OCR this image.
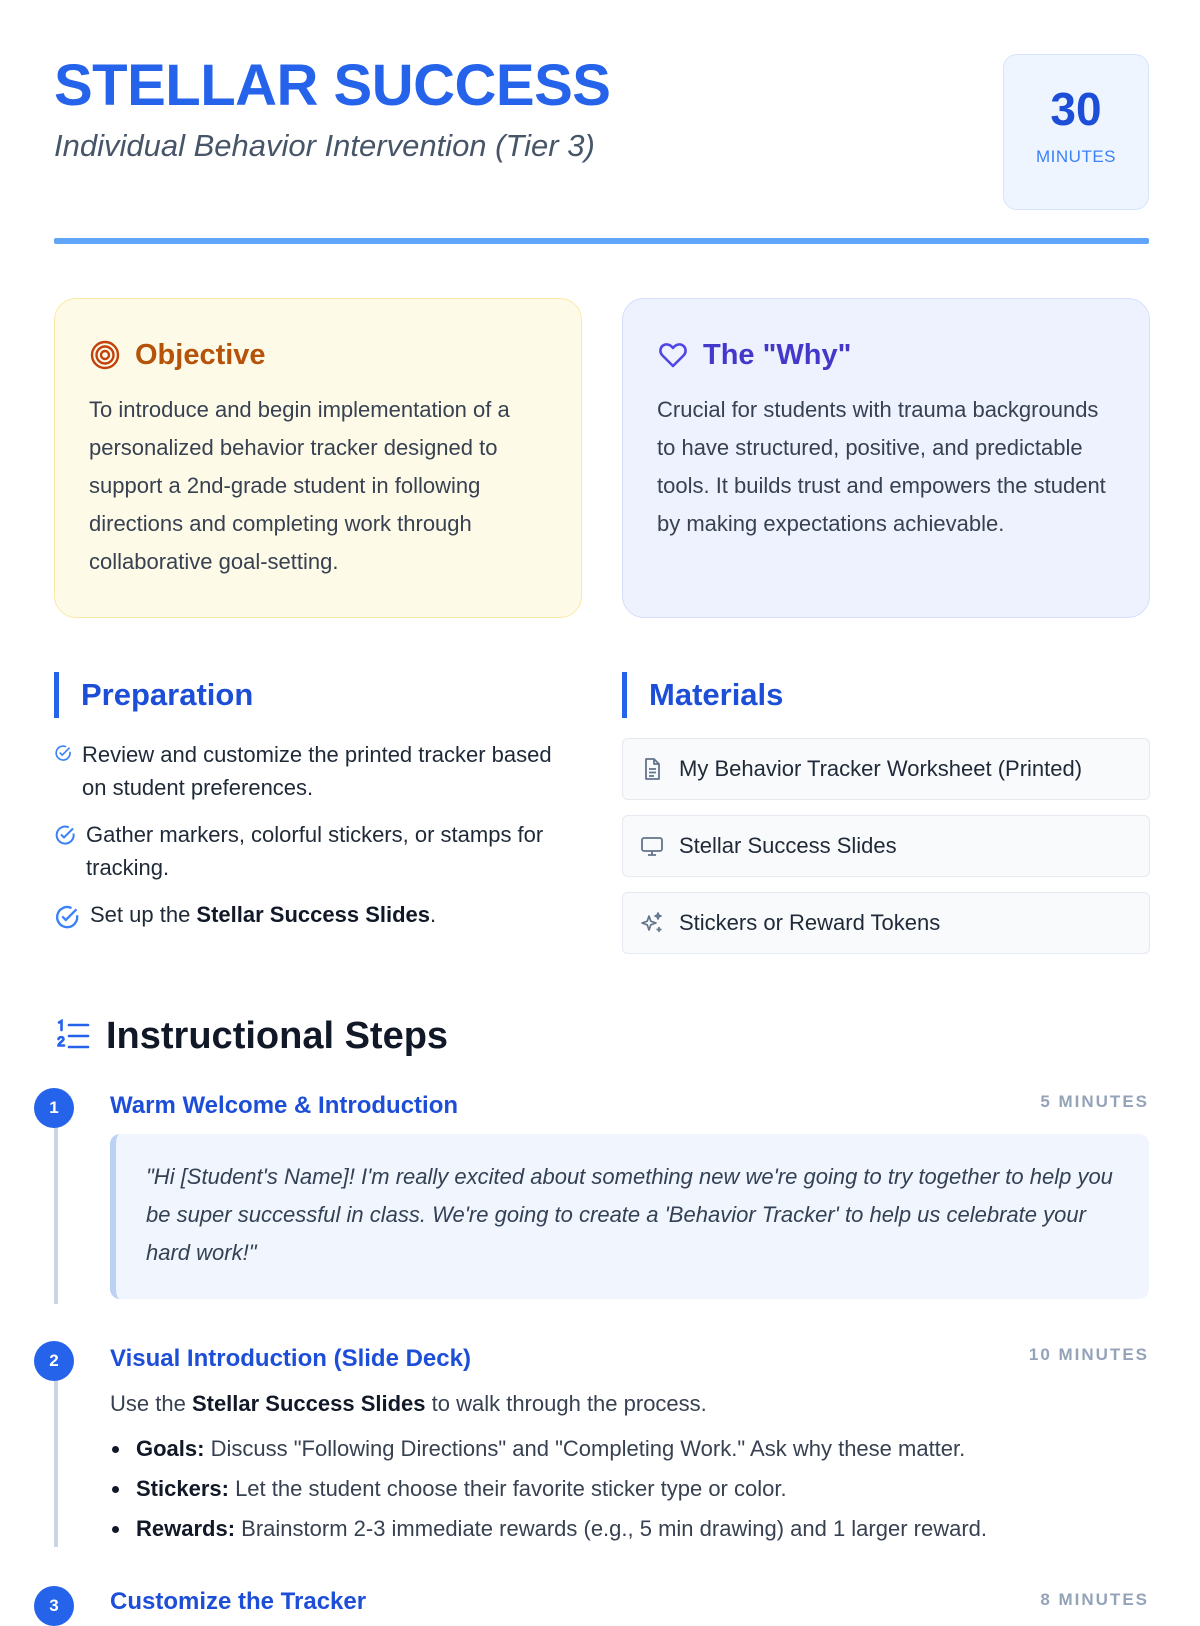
STELLAR SUCCESS
Individual Behavior Intervention (Tier 3)
30
MINUTES
Objective

To introduce and begin implementation of a personalized behavior tracker designed to support a 2nd-grade student in following directions and completing work through collaborative goal-setting.

The "Why"

Crucial for students with trauma backgrounds to have structured, positive, and predictable tools. It builds trust and empowers the student by making expectations achievable.

Preparation
Review and customize the printed tracker based on student preferences.
Gather markers, colorful stickers, or stamps for tracking.
Set up the Stellar Success Slides.
Materials
My Behavior Tracker Worksheet (Printed)
Stellar Success Slides
Stickers or Reward Tokens
Instructional Steps
1	Warm Welcome & Introduction	5 MINUTES
"Hi [Student's Name]! I'm really excited about something new we're going to try together to help you be super successful in class. We're going to create a 'Behavior Tracker' to help us celebrate your hard work!"
2	Visual Introduction (Slide Deck)	10 MINUTES
Use the Stellar Success Slides to walk through the process.
Goals: Discuss "Following Directions" and "Completing Work." Ask why these matter.
Stickers: Let the student choose their favorite sticker type or color.
Rewards: Brainstorm 2-3 immediate rewards (e.g., 5 min drawing) and 1 larger reward.
3	Customize the Tracker	8 MINUTES
